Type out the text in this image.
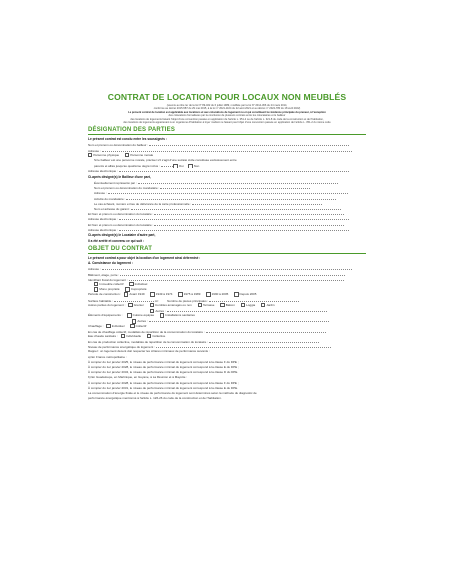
CONTRAT DE LOCATION POUR LOCAUX NON MEUBLÉS
(soumis au titre Ier de la loi N° 89-462 du 6 juillet 1989, modifiée par la loi N° 2014-366 du 24 mars 2014,
conforme au décret 2015-587 du 29 mai 2015, à la loi n° 2021-1104 du 22 août 2021 et au décret n° 2022-780 du 18 avril 2022)
Le présent contrat de location est applicable aux locations et aux colocations de logement nu et qui constituent la résidence principale du preneur, à l'exception
des colocations formalisées par la conclusion de plusieurs contrats entre les colocataires et le bailleur
des locations de logements faisant l'objet d'une convention passée en application de l'article L. 351-2 ou de l'article L. 321-8 du code de la construction et de l'habitation,
des locations de logements appartenant à un organisme d'habitation à loyer modéré ne faisant pas l'objet d'une convention passée en application de l'article L. 351-2 du même code
DÉSIGNATION DES PARTIES
Le présent contrat est conclu entre les soussignés :
Nom et prénom ou dénomination du bailleur :
Adresse :
Personne physique	Personne morale
Si le bailleur est une personne morale, préciser s'il s'agit d'une société civile constituée exclusivement entre
parents et alliés jusqu'au quatrième degré inclus :	Oui	Non
Adresse électronique :
Ci-après désigné(s) le Bailleur d'une part,
Éventuellement représenté par :
Nom et prénom ou dénomination du mandataire :
Adresse :
Activité du mandataire :
Le cas échéant, numéro et lieu de délivrance de la carte professionnelle :
Nom et adresse du garant :
Et Nom et prénom ou dénomination du locataire :
Adresse électronique :
Et Nom et prénom ou dénomination du locataire :
Adresse électronique :
Ci-après désigné(s) le Locataire d'autre part,
Il a été arrêté et convenu ce qui suit :
OBJET DU CONTRAT
Le présent contrat a pour objet la location d'un logement ainsi déterminé :
A. Consistance du logement :
Adresse :
Bâtiment, étage, porte :
Identifiant fiscal du logement :
Immeuble collectif	Individuel
Mono propriété	Copropriété
Période de construction :	Avant 1949	1949 à 1974	1975 à 1989	1990 à 2005	Depuis 2005
Surface habitable :	m²	Nombre de pièces principales :
Autres parties du logement :	Grenier	Combles aménagés ou non	Terrasse	Balcon	Loggia	Jardin
Autres :
Éléments d'équipements :	Cuisine équipée	Installations sanitaires
Autres :
Chauffage :	Individuel	Collectif
En cas de chauffage collectif, modalités de répartition de la consommation du locataire :
Eau chaude sanitaire :	Individuelle	Collective
En cas de production collective, modalités de répartition de la consommation du locataire :
Niveau de performance énergétique du logement :
Rappel : un logement décent doit respecter les critères minimaux de performance suivants :
a) En France métropolitaine :
À compter du 1er janvier 2025, le niveau de performance minimal du logement correspond à la classe F du DPE ;
À compter du 1er janvier 2028, le niveau de performance minimal du logement correspond à la classe E du DPE ;
À compter du 1er janvier 2034, le niveau de performance minimal du logement correspond à la classe D du DPE.
b) En Guadeloupe, en Martinique, en Guyane, à La Réunion et à Mayotte :
À compter du 1er janvier 2028, le niveau de performance minimal du logement correspond à la classe F du DPE ;
À compter du 1er janvier 2031, le niveau de performance minimal du logement correspond à la classe E du DPE.
La consommation d'énergie finale et le niveau de performance du logement sont déterminés selon la méthode du diagnostic de
performance énergétique mentionné à l'article L. 126-26 du code de la construction et de l'habitation.
